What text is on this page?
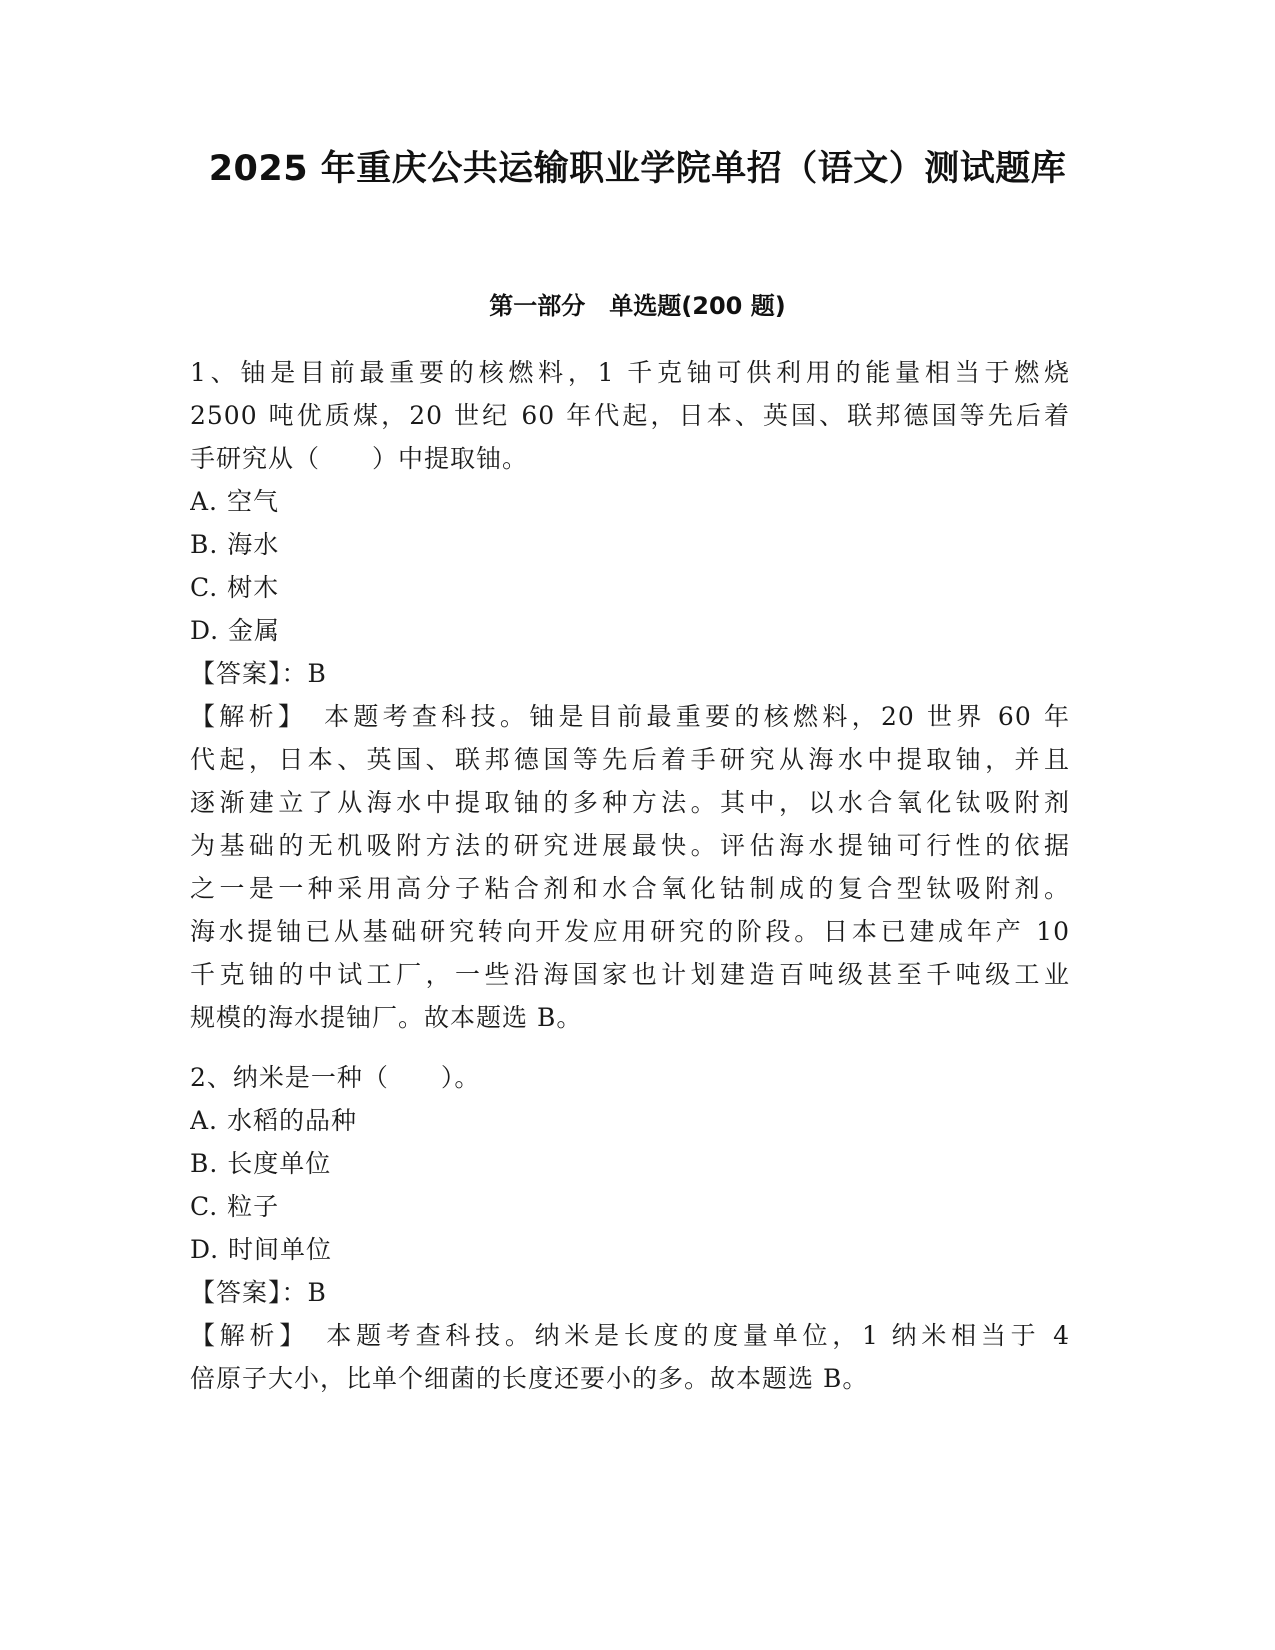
2025 年重庆公共运输职业学院单招（语文）测试题库
第一部分　单选题(200 题)
1、铀是目前最重要的核燃料，1 千克铀可供利用的能量相当于燃烧
2500 吨优质煤，20 世纪 60 年代起，日本、英国、联邦德国等先后着
手研究从（　　）中提取铀。
A. 空气
B. 海水
C. 树木
D. 金属
【答案】：B
【解析】　 本题考查科技。铀是目前最重要的核燃料，20 世界 60 年
代起，日本、英国、联邦德国等先后着手研究从海水中提取铀，并且
逐渐建立了从海水中提取铀的多种方法。其中，以水合氧化钛吸附剂
为基础的无机吸附方法的研究进展最快。评估海水提铀可行性的依据
之一是一种采用高分子粘合剂和水合氧化钴制成的复合型钛吸附剂。
海水提铀已从基础研究转向开发应用研究的阶段。日本已建成年产 10
千克铀的中试工厂，一些沿海国家也计划建造百吨级甚至千吨级工业
规模的海水提铀厂。故本题选 B。
2、纳米是一种（　　）。
A. 水稻的品种
B. 长度单位
C. 粒子
D. 时间单位
【答案】：B
【解析】　 本题考查科技。纳米是长度的度量单位，1 纳米相当于 4
倍原子大小，比单个细菌的长度还要小的多。故本题选 B。
